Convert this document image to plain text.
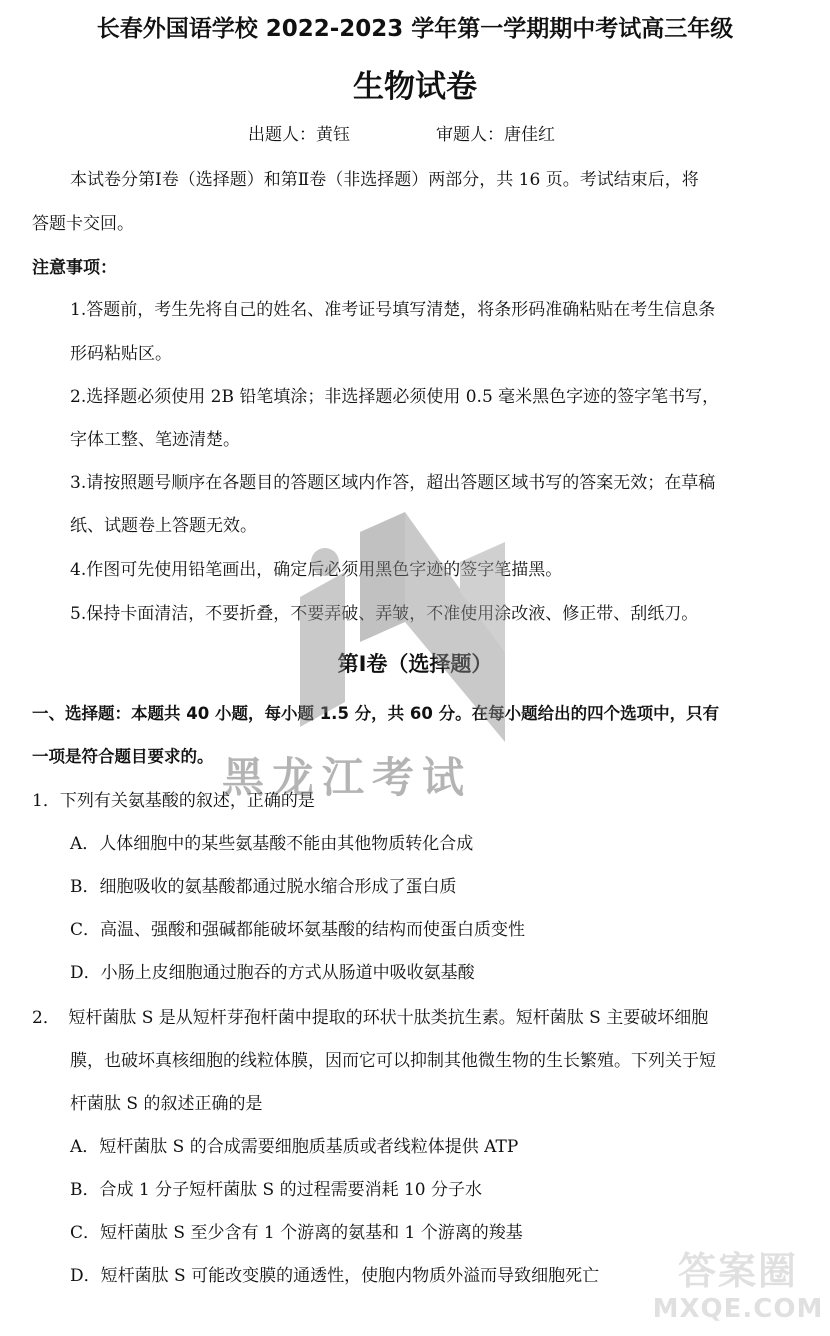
长春外国语学校 2022-2023 学年第一学期期中考试高三年级
生物试卷
出题人：黄钰	审题人：唐佳红
本试卷分第Ⅰ卷（选择题）和第Ⅱ卷（非选择题）两部分，共 16 页。考试结束后，将
答题卡交回。
注意事项：
1.答题前，考生先将自己的姓名、准考证号填写清楚，将条形码准确粘贴在考生信息条
形码粘贴区。
2.选择题必须使用 2B 铅笔填涂；非选择题必须使用 0.5 毫米黑色字迹的签字笔书写，
字体工整、笔迹清楚。
3.请按照题号顺序在各题目的答题区域内作答，超出答题区域书写的答案无效；在草稿
纸、试题卷上答题无效。
4.作图可先使用铅笔画出，确定后必须用黑色字迹的签字笔描黑。
5.保持卡面清洁，不要折叠，不要弄破、弄皱，不准使用涂改液、修正带、刮纸刀。
第Ⅰ卷（选择题）
一、选择题：本题共 40 小题，每小题 1.5 分，共 60 分。在每小题给出的四个选项中，只有
一项是符合题目要求的。
1．下列有关氨基酸的叙述，正确的是
A．人体细胞中的某些氨基酸不能由其他物质转化合成
B．细胞吸收的氨基酸都通过脱水缩合形成了蛋白质
C．高温、强酸和强碱都能破坏氨基酸的结构而使蛋白质变性
D．小肠上皮细胞通过胞吞的方式从肠道中吸收氨基酸
2．　短杆菌肽 S 是从短杆芽孢杆菌中提取的环状十肽类抗生素。短杆菌肽 S 主要破坏细胞
膜，也破坏真核细胞的线粒体膜，因而它可以抑制其他微生物的生长繁殖。下列关于短
杆菌肽 S 的叙述正确的是
A．短杆菌肽 S 的合成需要细胞质基质或者线粒体提供 ATP
B．合成 1 分子短杆菌肽 S 的过程需要消耗 10 分子水
C．短杆菌肽 S 至少含有 1 个游离的氨基和 1 个游离的羧基
D．短杆菌肽 S 可能改变膜的通透性，使胞内物质外溢而导致细胞死亡
黑龙江考试
答案圈
MXQE.COM
